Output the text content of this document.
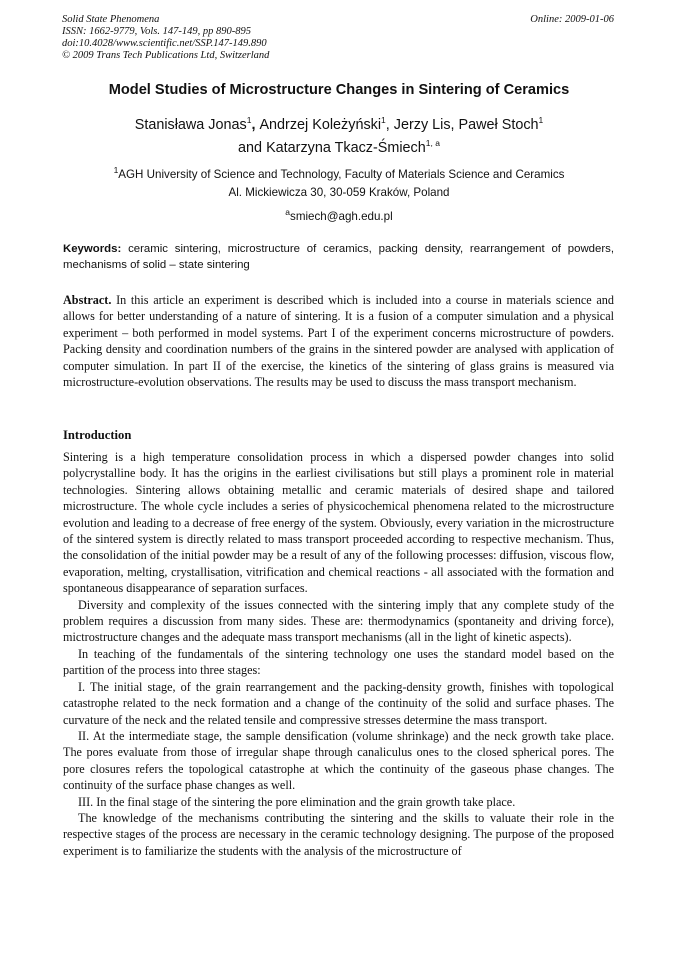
Solid State Phenomena
ISSN: 1662-9779, Vols. 147-149, pp 890-895
doi:10.4028/www.scientific.net/SSP.147-149.890
© 2009 Trans Tech Publications Ltd, Switzerland
Online: 2009-01-06
Model Studies of Microstructure Changes in Sintering of Ceramics
Stanisława Jonas$^1$, Andrzej Koleżyński$^1$, Jerzy Lis, Paweł Stoch$^1$
and Katarzyna Tkacz-Śmiech$^{1, a}$
$^1$AGH University of Science and Technology, Faculty of Materials Science and Ceramics
Al. Mickiewicza 30, 30-059 Kraków, Poland
$^a$smiech@agh.edu.pl
Keywords: ceramic sintering, microstructure of ceramics, packing density, rearrangement of powders, mechanisms of solid – state sintering
Abstract. In this article an experiment is described which is included into a course in materials science and allows for better understanding of a nature of sintering. It is a fusion of a computer simulation and a physical experiment – both performed in model systems. Part I of the experiment concerns microstructure of powders. Packing density and coordination numbers of the grains in the sintered powder are analysed with application of computer simulation. In part II of the exercise, the kinetics of the sintering of glass grains is measured via microstructure-evolution observations. The results may be used to discuss the mass transport mechanism.
Introduction

Sintering is a high temperature consolidation process in which a dispersed powder changes into solid polycrystalline body. It has the origins in the earliest civilisations but still plays a prominent role in material technologies. Sintering allows obtaining metallic and ceramic materials of desired shape and tailored microstructure. The whole cycle includes a series of physicochemical phenomena related to the microstructure evolution and leading to a decrease of free energy of the system. Obviously, every variation in the microstructure of the sintered system is directly related to mass transport proceeded according to respective mechanism. Thus, the consolidation of the initial powder may be a result of any of the following processes: diffusion, viscous flow, evaporation, melting, crystallisation, vitrification and chemical reactions - all associated with the formation and spontaneous disappearance of separation surfaces.

Diversity and complexity of the issues connected with the sintering imply that any complete study of the problem requires a discussion from many sides. These are: thermodynamics (spontaneity and driving force), mictrostructure changes and the adequate mass transport mechanisms (all in the light of kinetic aspects).

In teaching of the fundamentals of the sintering technology one uses the standard model based on the partition of the process into three stages:

I. The initial stage, of the grain rearrangement and the packing-density growth, finishes with topological catastrophe related to the neck formation and a change of the continuity of the solid and surface phases. The curvature of the neck and the related tensile and compressive stresses determine the mass transport.

II. At the intermediate stage, the sample densification (volume shrinkage) and the neck growth take place. The pores evaluate from those of irregular shape through canaliculus ones to the closed spherical pores. The pore closures refers the topological catastrophe at which the continuity of the gaseous phase changes. The continuity of the surface phase changes as well.

III. In the final stage of the sintering the pore elimination and the grain growth take place.

The knowledge of the mechanisms contributing the sintering and the skills to valuate their role in the respective stages of the process are necessary in the ceramic technology designing. The purpose of the proposed experiment is to familiarize the students with the analysis of the microstructure of
